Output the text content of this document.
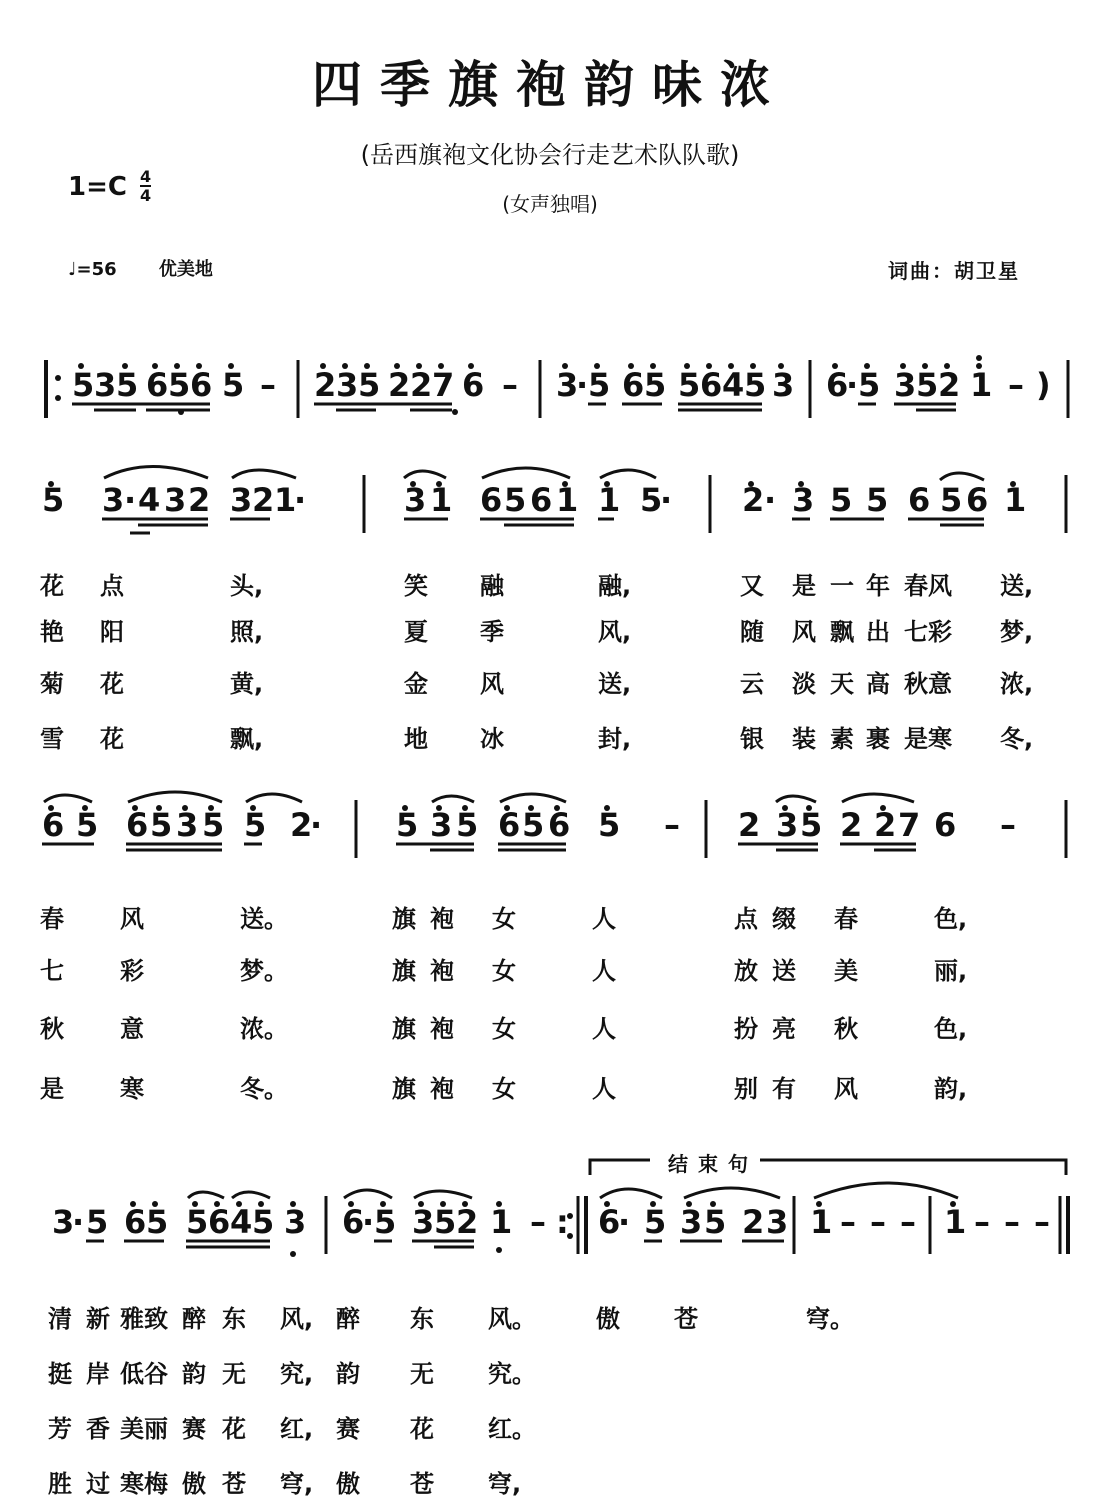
四季旗袍韵味浓
(岳西旗袍文化协会行走艺术队队歌)
(女声独唱)
1=C 4
4
♩=56 优美地	词曲：胡卫星
结束句
5 3 5 6 5 6 5 – 2 3 5 2 2 7 6 – 3
· 5 6 5 5 6 4 5 3 6
· 5 3 5 2 1 – )
5 3 · 4 3 2 3 2 1
·	3 1 6 5 6 1 1 5
· 2 · 3 5 5 6 5 6 1
花 点	头,	笑 融	融,	又 是 一 年 春风 送,
艳 阳	照,	夏 季	风,	随 风 飘 出 七彩 梦,
菊 花	黄,	金 风	送,	云 淡 天 高 秋意 浓,
雪 花	飘,	地 冰	封,	银 装 素 裹 是寒 冬,
6 5 6 5 3 5 5 2
· 5 3 5 6 5 6 5 – 2 3 5 2 2 7 6 –
春 风	送。	旗 袍 女	人	点 缀 春	色,
七 彩	梦。	旗 袍 女	人	放 送 美	丽,
秋 意	浓。	旗 袍 女	人	扮 亮 秋	色,
是 寒	冬。	旗 袍 女	人	别 有 风	韵,
3
· 5 6 5 5 6 4 5 3 6
· 5 3 5 2 1 – : 6
· 5 3 5 2 3 1 – – – 1 – – –
清 新 雅致 醉 东 风, 醉 东 风。	傲 苍	穹。
挺 岸 低谷 韵 无 究, 韵 无 究。
芳 香 美丽 赛 花 红, 赛 花 红。
胜 过 寒梅 傲 苍 穹, 傲 苍 穹,
